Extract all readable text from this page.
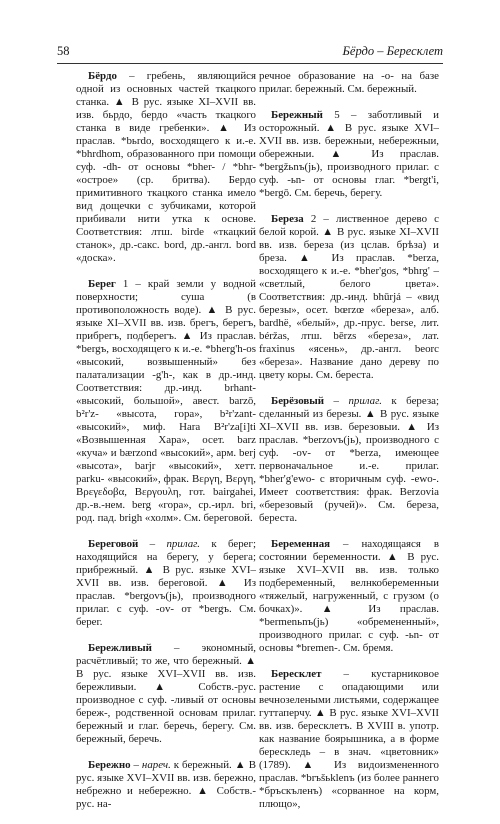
58	Бёрдо – Бересклет

Бёрдо – гребень, являющийся одной из основных частей ткацкого станка. ▲ В рус. языке XI–XVII вв. изв. бьрдо, бердо «часть ткацкого станка в виде гребенки». ▲ Из праслав. *bьrdo, восходящего к и.-е. *bhrdhom, образованного при помощи суф. -dh- от основы *bher- / *bhr- «острое» (ср. бритва). Бердо примитивного ткацкого станка имело вид дощечки с зубчиками, которой прибивали нити утка к основе. Соответствия: лтш. birde «ткацкий станок», др.-сакс. bord, др.-англ. bord «доска».

Берег 1 – край земли у водной поверхности; суша (в противоположность воде). ▲ В рус. языке XI–XVII вв. изв. брегъ, берегъ, прибрегъ, подберегъ. ▲ Из праслав. *bergъ, восходящего к и.-е. *bherg'h-os «высокий, возвышенный» без палатализации -g'h-, как в др.-инд. Соответствия: др.-инд. brhant- «высокий, большой», авест. barzō, b²r'z- «высота, гора», b²r'zant- «высокий», миф. Hara B²r'za[i]ti «Возвышенная Хара», осет. barz «куча» и bærzond «высокий», арм. berj «высота», barjr «высокий», хетт. parku- «высокий», фрак. Βεργη, Βεργη, Βρεγεδοβα, Βεργουλη, гот. bairgahei, др.-в.-нем. berg «гора», ср.-ирл. bri, род. пад. brigh «холм». См. береговой.

Береговой – прилаг. к берег; находящийся на берегу, у берега; прибрежный. ▲ В рус. языке XVI–XVII вв. изв. береговой. ▲ Из праслав. *bergovъ(jь), производного прилаг. с суф. -ov- от *bergъ. См. берег.

Бережливый – экономный, расчётливый; то же, что бережный. ▲ В рус. языке XVI–XVII вв. изв. бережливыи. ▲ Собств.-рус. производное с суф. -ливый от основы береж-, родственной основам прилаг. бережный и глаг. беречь, берегу. См. бережный, беречь.

Бережно – нареч. к бережный. ▲ В рус. языке XVI–XVII вв. изв. бережно, небрежно и небережно. ▲ Собств.-рус. на-

речное образование на -о- на базе прилаг. бережный. См. бережный.

Бережный 5 – заботливый и осторожный. ▲ В рус. языке XVI–XVII вв. изв. бережныи, небережныи, обережныи. ▲ Из праслав. *bergžьnъ(jь), производного прилаг. с суф. -ьn- от основы глаг. *bergt'i, *bergō. См. беречь, берегу.

Береза 2 – лиственное дерево с белой корой. ▲ В рус. языке XI–XVII вв. изв. береза (из цслав. брѣза) и бреза. ▲ Из праслав. *berza, восходящего к и.-е. *bher'gos, *bhrg' – «светлый, белого цвета». Соответствия: др.-инд. bhūrjá – «вид березы», осет. bœrzœ «береза», алб. bardhë, «белый», др.-прус. berse, лит. béržas, лтш. bērzs «береза», лат. fraxinus «ясень», др.-англ. beorc «береза». Название дано дереву по цвету коры. См. береста.

Берёзовый – прилаг. к береза; сделанный из березы. ▲ В рус. языке XI–XVII вв. изв. березовыи. ▲ Из праслав. *berzovъ(jь), производного с суф. -ov- от *berza, имеющее первоначальное и.-е. прилаг. *bher'g'ewo- с вторичным суф. -ewo-. Имеет соответствия: фрак. Berzovia «березовый (ручей)». См. береза, береста.

Беременная – находящаяся в состоянии беременности. ▲ В рус. языке XVI–XVII вв. изв. только подбеременный, велнкобеременныи «тяжелый, нагруженный, с грузом (о бочках)». ▲ Из праслав. *bermenьnъ(jь) «обремененный», производного прилаг. с суф. -ьn- от основы *bremen-. См. бремя.

Бересклет – кустарниковое растение с опадающими или вечнозелеными листьями, содержащее гуттаперчу. ▲ В рус. языке XVI–XVII вв. изв. бересклетъ. В XVIII в. употр. как название боярышника, а в форме берескледь – в знач. «цветовник» (1789). ▲ Из видоизмененного праслав. *brъšьklenъ (из более раннего *бръскъленъ) «сорванное на корм, плющо»,
